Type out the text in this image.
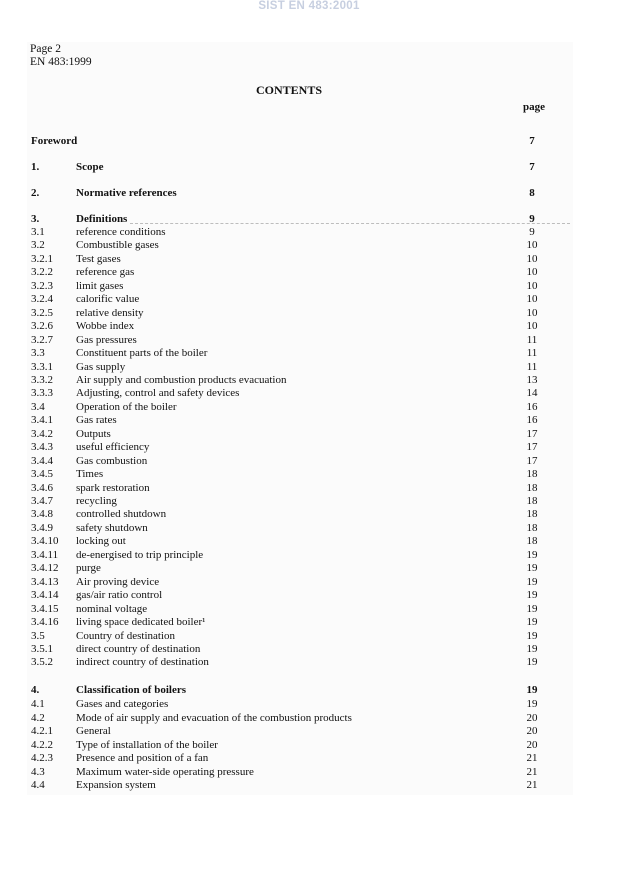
SIST EN 483:2001
Page 2
EN 483:1999
CONTENTS
page
Foreword	7
1.	Scope	7
2.	Normative references	8
3.	Definitions	9
3.1	reference conditions	9
3.2	Combustible gases	10
3.2.1 Test gases	10
3.2.2 reference gas	10
3.2.3 limit gases	10
3.2.4 calorific value	10
3.2.5 relative density	10
3.2.6 Wobbe index	10
3.2.7 Gas pressures	11
3.3	Constituent parts of the boiler	11
3.3.1 Gas supply	11
3.3.2 Air supply and combustion products evacuation	13
3.3.3 Adjusting, control and safety devices	14
3.4	Operation of the boiler	16
3.4.1 Gas rates	16
3.4.2 Outputs	17
3.4.3 useful efficiency	17
3.4.4 Gas combustion	17
3.4.5 Times	18
3.4.6 spark restoration	18
3.4.7 recycling	18
3.4.8 controlled shutdown	18
3.4.9 safety shutdown	18
3.4.10 locking out	18
3.4.11 de-energised to trip principle	19
3.4.12 purge	19
3.4.13 Air proving device	19
3.4.14 gas/air ratio control	19
3.4.15 nominal voltage	19
3.4.16 living space dedicated boiler¹	19
3.5	Country of destination	19
3.5.1 direct country of destination	19
3.5.2 indirect country of destination	19
4.	Classification of boilers	19
4.1	Gases and categories	19
4.2	Mode of air supply and evacuation of the combustion products	20
4.2.1 General	20
4.2.2 Type of installation of the boiler	20
4.2.3 Presence and position of a fan	21
4.3	Maximum water-side operating pressure	21
4.4	Expansion system	21
